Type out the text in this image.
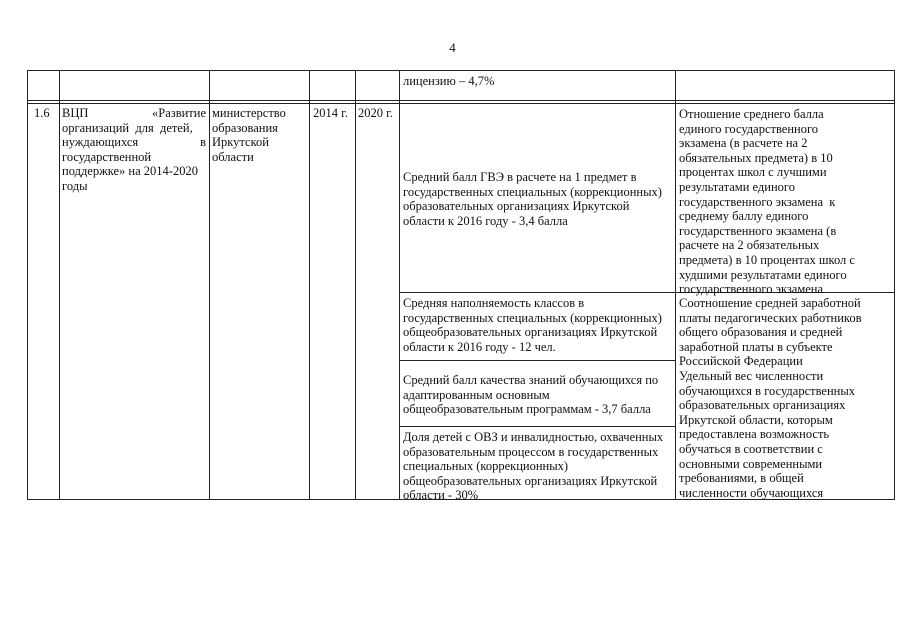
4
лицензию – 4,7%
1.6 ВЦП	«Развитие
организаций  для  детей,
нуждающихся	в
государственной
поддержке» на 2014-2020
годы
министерство
образования
Иркутской
области
2014 г. 2020 г.
Средний балл ГВЭ в расчете на 1 предмет в
государственных специальных (коррекционных)
образовательных организациях Иркутской
области к 2016 году - 3,4 балла
Средняя наполняемость классов в
государственных специальных (коррекционных)
общеобразовательных организациях Иркутской
области к 2016 году - 12 чел.
Средний балл качества знаний обучающихся по
адаптированным основным
общеобразовательным программам - 3,7 балла
Доля детей с ОВЗ и инвалидностью, охваченных
образовательным процессом в государственных
специальных (коррекционных)
общеобразовательных организациях Иркутской
области - 30%
Отношение среднего балла
единого государственного
экзамена (в расчете на 2
обязательных предмета) в 10
процентах школ с лучшими
результатами единого
государственного экзамена  к
среднему баллу единого
государственного экзамена (в
расчете на 2 обязательных
предмета) в 10 процентах школ с
худшими результатами единого
государственного экзамена
Соотношение средней заработной
платы педагогических работников
общего образования и средней
заработной платы в субъекте
Российской Федерации
Удельный вес численности
обучающихся в государственных
образовательных организациях
Иркутской области, которым
предоставлена возможность
обучаться в соответствии с
основными современными
требованиями, в общей
численности обучающихся
